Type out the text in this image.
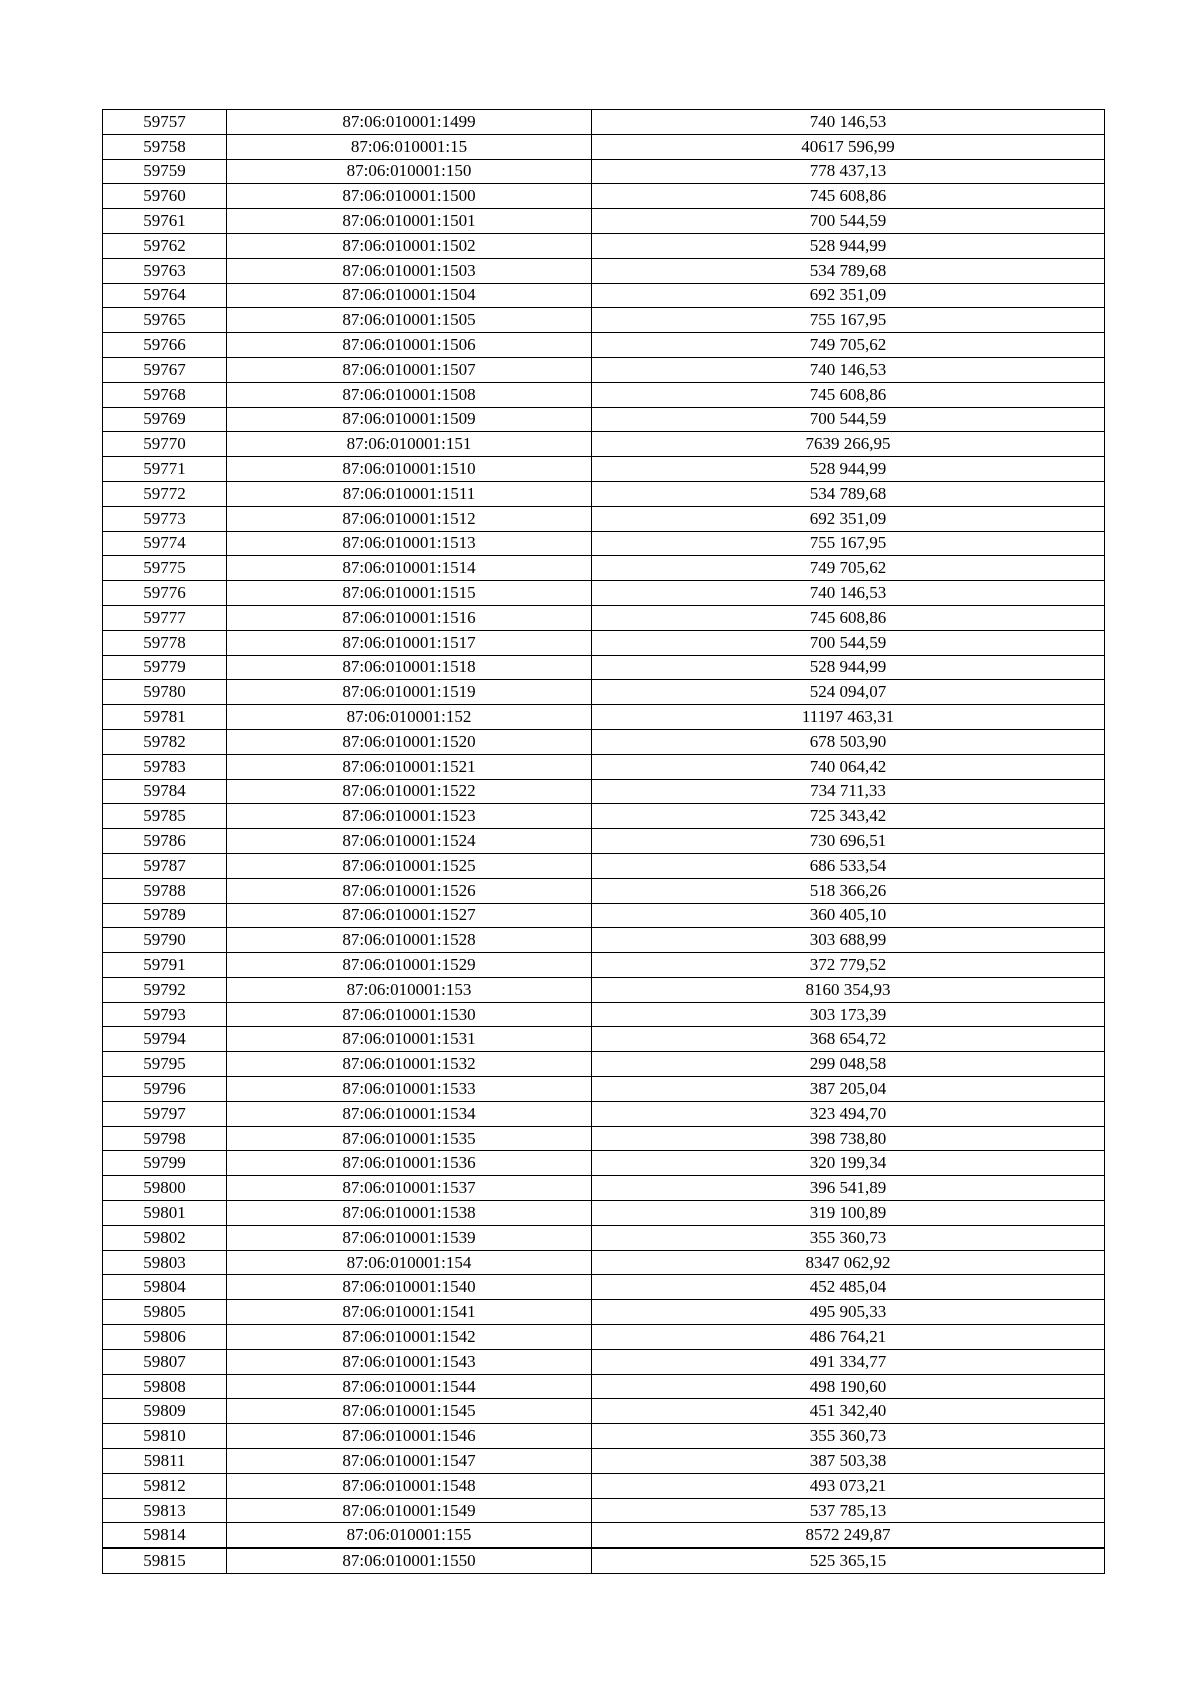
59757	87:06:010001:1499	740 146,53
59758	87:06:010001:15	40617 596,99
59759	87:06:010001:150	778 437,13
59760	87:06:010001:1500	745 608,86
59761	87:06:010001:1501	700 544,59
59762	87:06:010001:1502	528 944,99
59763	87:06:010001:1503	534 789,68
59764	87:06:010001:1504	692 351,09
59765	87:06:010001:1505	755 167,95
59766	87:06:010001:1506	749 705,62
59767	87:06:010001:1507	740 146,53
59768	87:06:010001:1508	745 608,86
59769	87:06:010001:1509	700 544,59
59770	87:06:010001:151	7639 266,95
59771	87:06:010001:1510	528 944,99
59772	87:06:010001:1511	534 789,68
59773	87:06:010001:1512	692 351,09
59774	87:06:010001:1513	755 167,95
59775	87:06:010001:1514	749 705,62
59776	87:06:010001:1515	740 146,53
59777	87:06:010001:1516	745 608,86
59778	87:06:010001:1517	700 544,59
59779	87:06:010001:1518	528 944,99
59780	87:06:010001:1519	524 094,07
59781	87:06:010001:152	11197 463,31
59782	87:06:010001:1520	678 503,90
59783	87:06:010001:1521	740 064,42
59784	87:06:010001:1522	734 711,33
59785	87:06:010001:1523	725 343,42
59786	87:06:010001:1524	730 696,51
59787	87:06:010001:1525	686 533,54
59788	87:06:010001:1526	518 366,26
59789	87:06:010001:1527	360 405,10
59790	87:06:010001:1528	303 688,99
59791	87:06:010001:1529	372 779,52
59792	87:06:010001:153	8160 354,93
59793	87:06:010001:1530	303 173,39
59794	87:06:010001:1531	368 654,72
59795	87:06:010001:1532	299 048,58
59796	87:06:010001:1533	387 205,04
59797	87:06:010001:1534	323 494,70
59798	87:06:010001:1535	398 738,80
59799	87:06:010001:1536	320 199,34
59800	87:06:010001:1537	396 541,89
59801	87:06:010001:1538	319 100,89
59802	87:06:010001:1539	355 360,73
59803	87:06:010001:154	8347 062,92
59804	87:06:010001:1540	452 485,04
59805	87:06:010001:1541	495 905,33
59806	87:06:010001:1542	486 764,21
59807	87:06:010001:1543	491 334,77
59808	87:06:010001:1544	498 190,60
59809	87:06:010001:1545	451 342,40
59810	87:06:010001:1546	355 360,73
59811	87:06:010001:1547	387 503,38
59812	87:06:010001:1548	493 073,21
59813	87:06:010001:1549	537 785,13
59814	87:06:010001:155	8572 249,87
59815	87:06:010001:1550	525 365,15
